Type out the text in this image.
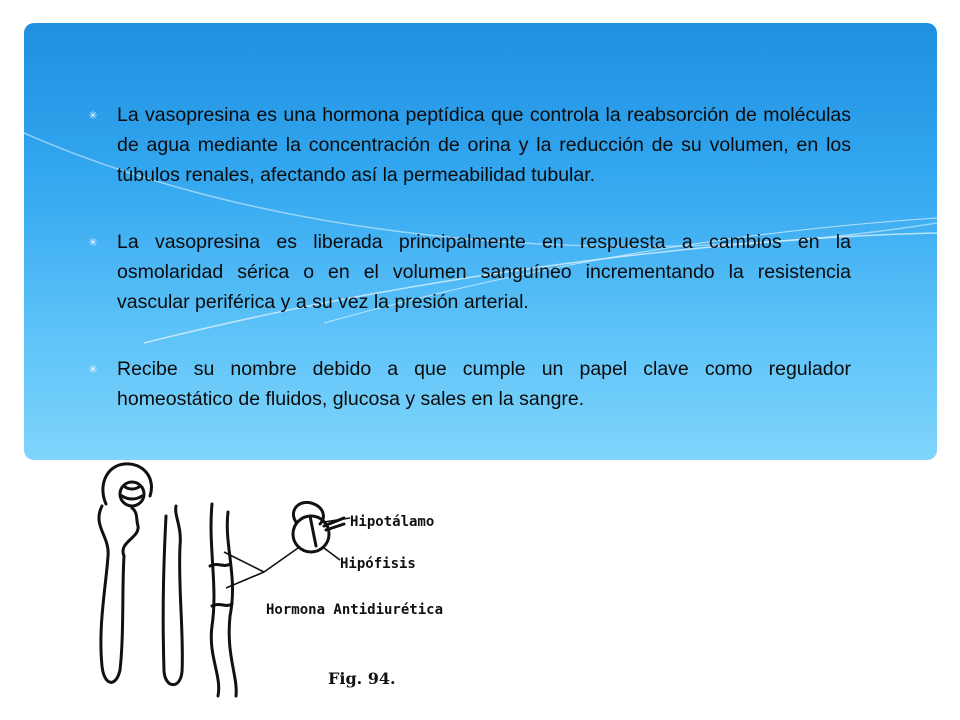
✳ La vasopresina es una hormona peptídica que controla la reabsorción de moléculas de agua mediante la concentración de orina y la reducción de su volumen, en los túbulos renales, afectando así la permeabilidad tubular.
✳ La vasopresina es liberada principalmente en respuesta a cambios en la osmolaridad sérica o en el volumen sanguíneo incrementando la resistencia vascular periférica y a su vez la presión arterial.
✳ Recibe su nombre debido a que cumple un papel clave como regulador homeostático de fluidos, glucosa y sales en la sangre.
Hipotálamo
Hipófisis
Hormona Antidiurética
Fig. 94.
